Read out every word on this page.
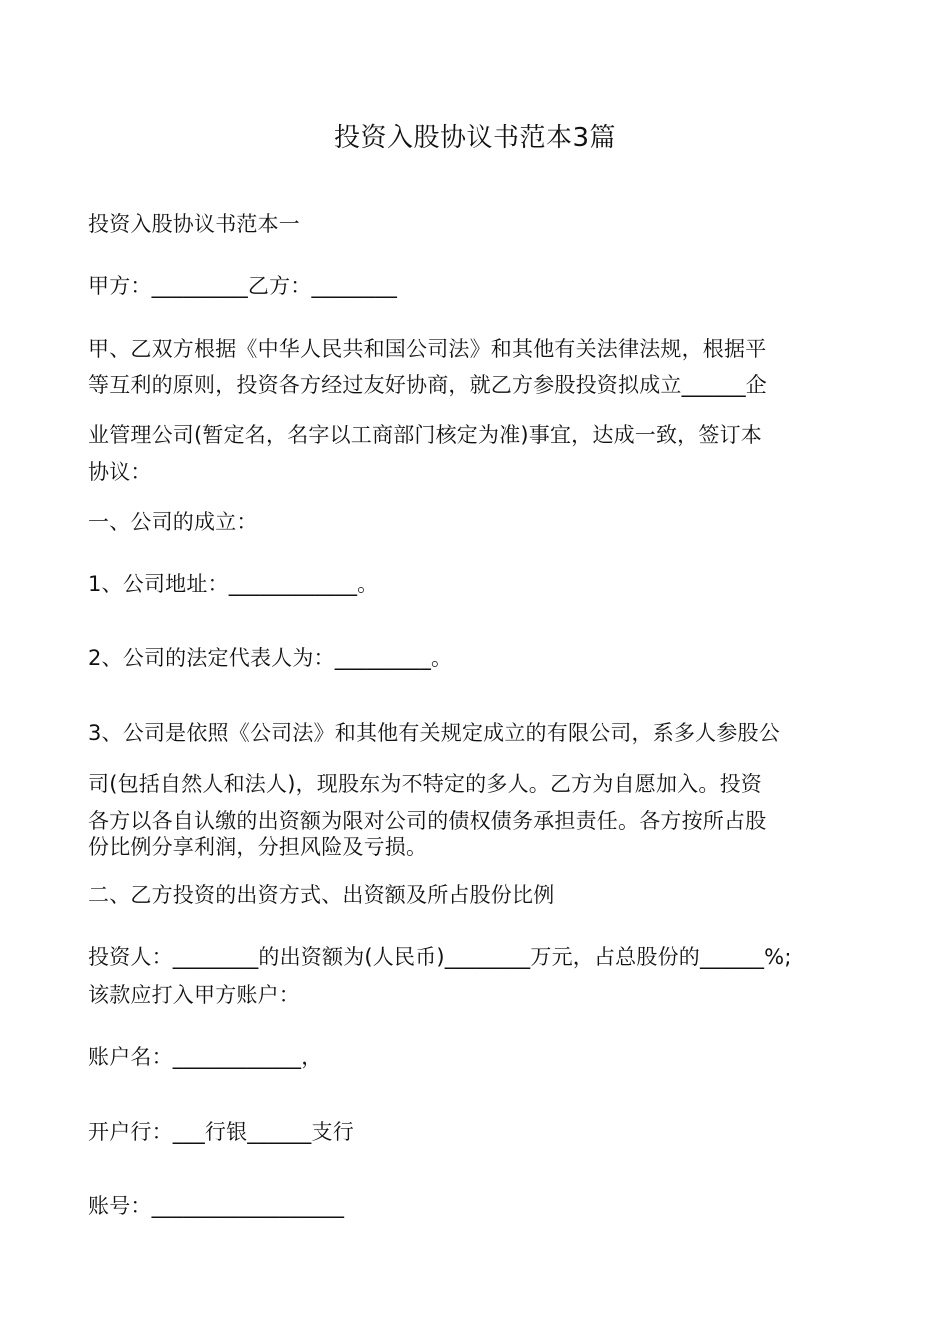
投资入股协议书范本3篇
投资入股协议书范本一
甲方：_________乙方：________
甲、乙双方根据《中华人民共和国公司法》和其他有关法律法规，根据平
等互利的原则，投资各方经过友好协商，就乙方参股投资拟成立______企
业管理公司(暂定名，名字以工商部门核定为准)事宜，达成一致，签订本
协议：
一、公司的成立：
1、公司地址：____________。
2、公司的法定代表人为：_________。
3、公司是依照《公司法》和其他有关规定成立的有限公司，系多人参股公
司(包括自然人和法人)，现股东为不特定的多人。乙方为自愿加入。投资
各方以各自认缴的出资额为限对公司的债权债务承担责任。各方按所占股
份比例分享利润，分担风险及亏损。
二、乙方投资的出资方式、出资额及所占股份比例
投资人：________的出资额为(人民币)________万元，占总股份的______%;
该款应打入甲方账户：
账户名：____________，
开户行：___行银______支行
账号：__________________
